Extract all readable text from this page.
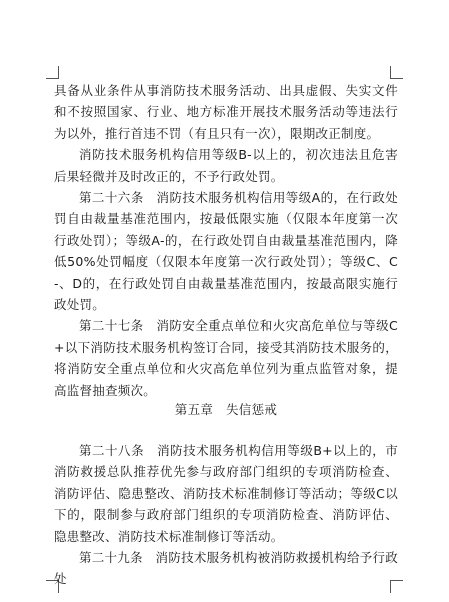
具备从业条件从事消防技术服务活动、出具虚假、失实文件和不按照国家、行业、地方标准开展技术服务活动等违法行为以外，推行首违不罚（有且只有一次），限期改正制度。

消防技术服务机构信用等级B-以上的，初次违法且危害后果轻微并及时改正的，不予行政处罚。

第二十六条　消防技术服务机构信用等级A的，在行政处罚自由裁量基准范围内，按最低限实施（仅限本年度第一次行政处罚）；等级A-的，在行政处罚自由裁量基准范围内，降低50%处罚幅度（仅限本年度第一次行政处罚）；等级C、C-、D的，在行政处罚自由裁量基准范围内，按最高限实施行政处罚。

第二十七条　消防安全重点单位和火灾高危单位与等级C+以下消防技术服务机构签订合同，接受其消防技术服务的，将消防安全重点单位和火灾高危单位列为重点监管对象，提高监督抽查频次。

第五章　失信惩戒

第二十八条　消防技术服务机构信用等级B+以上的，市消防救援总队推荐优先参与政府部门组织的专项消防检查、消防评估、隐患整改、消防技术标准制修订等活动；等级C以下的，限制参与政府部门组织的专项消防检查、消防评估、隐患整改、消防技术标准制修订等活动。

第二十九条　消防技术服务机构被消防救援机构给予行政处
